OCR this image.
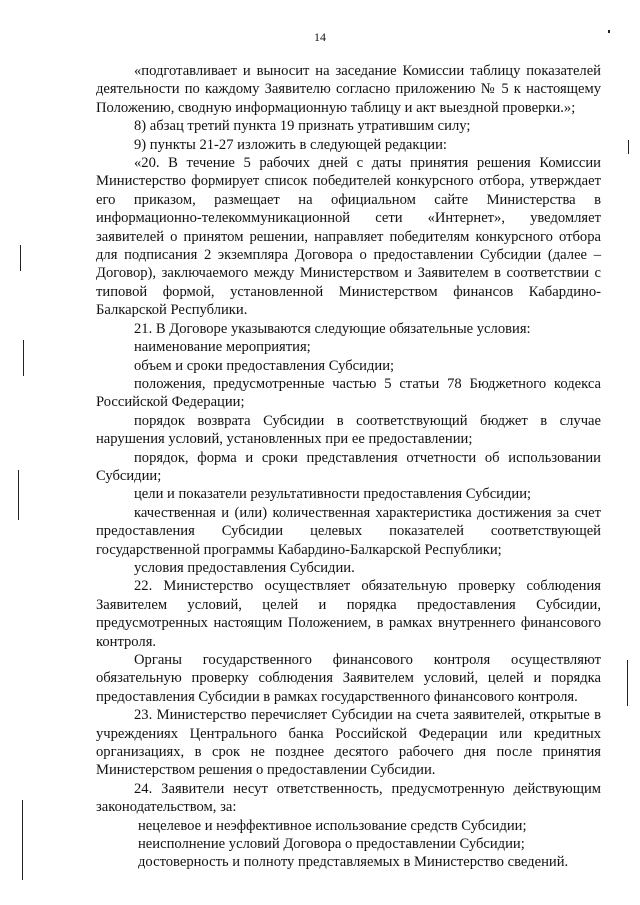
14

«подготавливает и выносит на заседание Комиссии таблицу показателей деятельности по каждому Заявителю согласно приложению № 5 к настоящему Положению, сводную информационную таблицу и акт выездной проверки.»;

8) абзац третий пункта 19 признать утратившим силу;

9) пункты 21-27 изложить в следующей редакции:

«20. В течение 5 рабочих дней с даты принятия решения Комиссии Министерство формирует список победителей конкурсного отбора, утверждает его приказом, размещает на официальном сайте Министерства в информационно-телекоммуникационной сети «Интернет», уведомляет заявителей о принятом решении, направляет победителям конкурсного отбора для подписания 2 экземпляра Договора о предоставлении Субсидии (далее – Договор), заключаемого между Министерством и Заявителем в соответствии с типовой формой, установленной Министерством финансов Кабардино-Балкарской Республики.

21. В Договоре указываются следующие обязательные условия:

наименование мероприятия;

объем и сроки предоставления Субсидии;

положения, предусмотренные частью 5 статьи 78 Бюджетного кодекса Российской Федерации;

порядок возврата Субсидии в соответствующий бюджет в случае нарушения условий, установленных при ее предоставлении;

порядок, форма и сроки представления отчетности об использовании Субсидии;

цели и показатели результативности предоставления Субсидии;

качественная и (или) количественная характеристика достижения за счет предоставления Субсидии целевых показателей соответствующей государственной программы Кабардино-Балкарской Республики;

условия предоставления Субсидии.

22. Министерство осуществляет обязательную проверку соблюдения Заявителем условий, целей и порядка предоставления Субсидии, предусмотренных настоящим Положением, в рамках внутреннего финансового контроля.

Органы государственного финансового контроля осуществляют обязательную проверку соблюдения Заявителем условий, целей и порядка предоставления Субсидии в рамках государственного финансового контроля.

23. Министерство перечисляет Субсидии на счета заявителей, открытые в учреждениях Центрального банка Российской Федерации или кредитных организациях, в срок не позднее десятого рабочего дня после принятия Министерством решения о предоставлении Субсидии.

24. Заявители несут ответственность, предусмотренную действующим законодательством, за:

нецелевое и неэффективное использование средств Субсидии;

неисполнение условий Договора о предоставлении Субсидии;

достоверность и полноту представляемых в Министерство сведений.
